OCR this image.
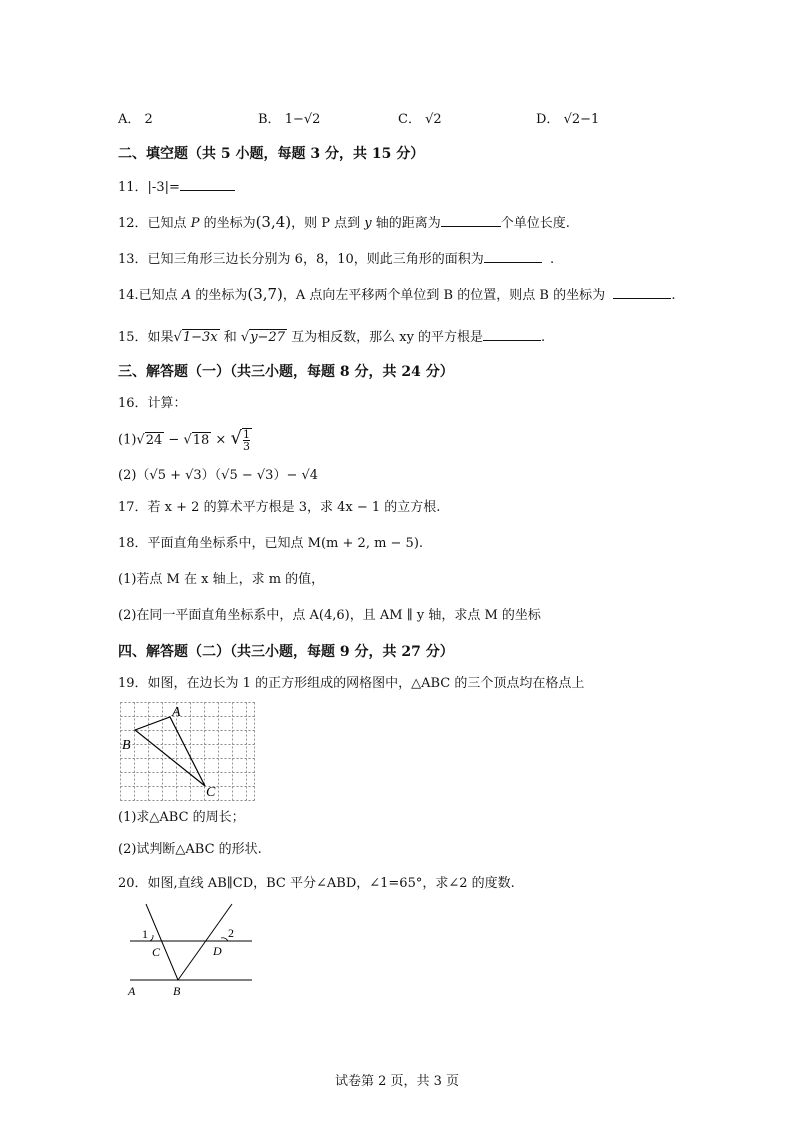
A． 2	B． 1−√2	C． √2	D． √2−1
二、填空题（共 5 小题，每题 3 分，共 15 分）
11．|-3|=
12．已知点 P 的坐标为(3,4)，则 P 点到 y 轴的距离为	个单位长度.
13．已知三角形三边长分别为 6，8，10，则此三角形的面积为	.
14.已知点 A 的坐标为(3,7)，A 点向左平移两个单位到 B 的位置，则点 B 的坐标为	.
15．如果√1−3x 和 √y−27 互为相反数，那么 xy 的平方根是	.
三、解答题（一）（共三小题，每题 8 分，共 24 分）
16．计算：
(1)√24 − √18 × √ $\frac{1}{3}$
(2)（√5 + √3）（√5 − √3）− √4
17．若 x + 2 的算术平方根是 3，求 4x − 1 的立方根.
18．平面直角坐标系中，已知点 M(m + 2, m − 5).
(1)若点 M 在 x 轴上，求 m 的值，
(2)在同一平面直角坐标系中，点 A(4,6)，且 AM ∥ y 轴，求点 M 的坐标
四、解答题（二）（共三小题，每题 9 分，共 27 分）
19．如图，在边长为 1 的正方形组成的网格图中，△ABC 的三个顶点均在格点上
A
B
C
(1)求△ABC 的周长；
(2)试判断△ABC 的形状.
20．如图,直线 AB∥CD，BC 平分∠ABD，∠1=65°，求∠2 的度数.
1	2
C	D
A	B
试卷第 2 页，共 3 页
